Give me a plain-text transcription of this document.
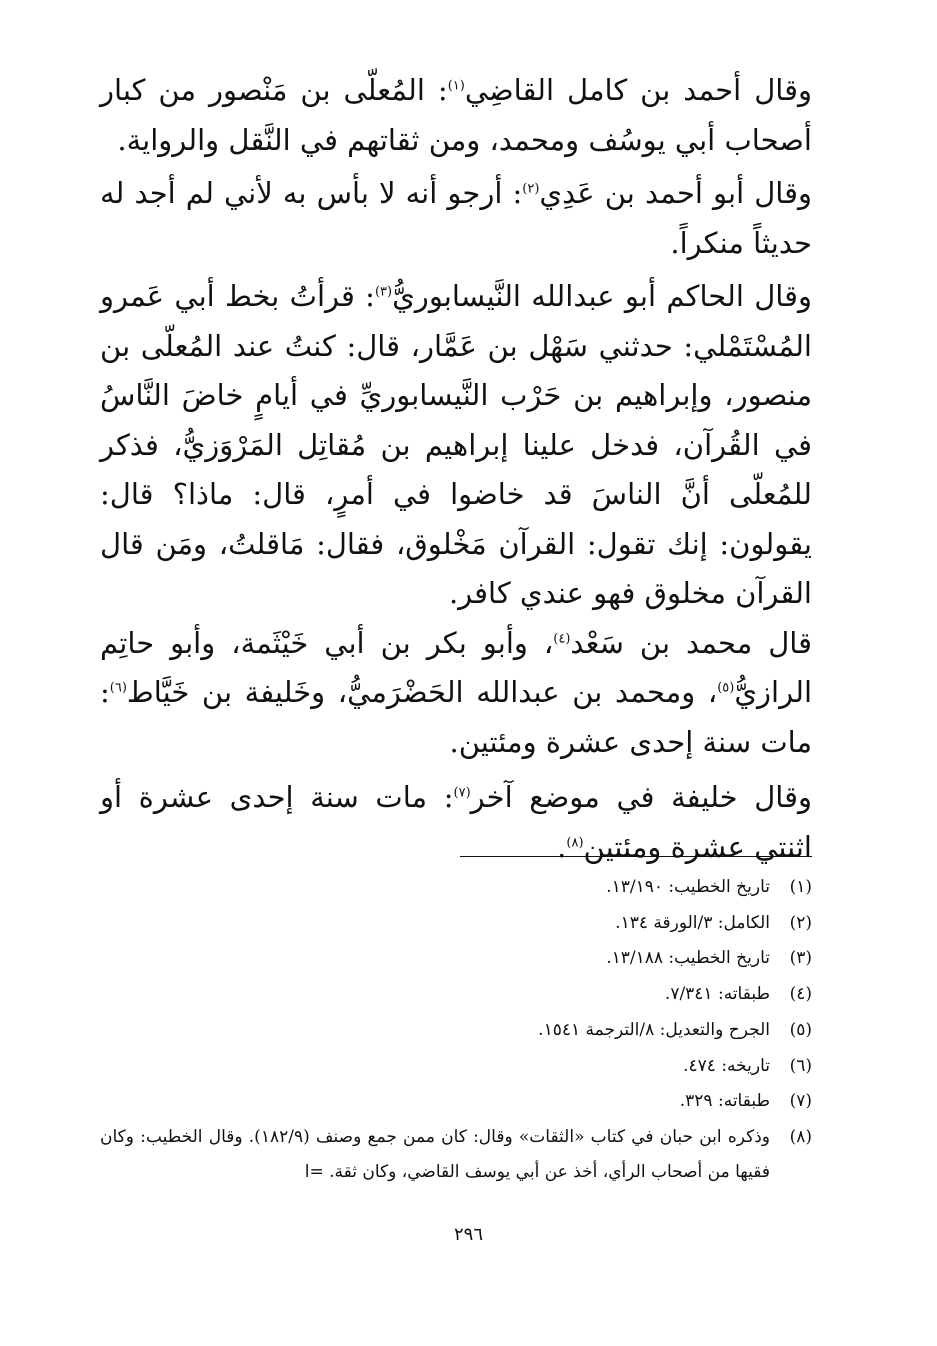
وقال أحمد بن كامل القاضِي$^{(١)}$: المُعلّى بن مَنْصور من كبار أصحاب أبي يوسُف ومحمد، ومن ثقاتهم في النَّقل والرواية.

وقال أبو أحمد بن عَدِي$^{(٢)}$: أرجو أنه لا بأس به لأني لم أجد له حديثاً منكراً.

وقال الحاكم أبو عبدالله النَّيسابوريُّ$^{(٣)}$: قرأتُ بخط أبي عَمرو المُسْتَمْلي: حدثني سَهْل بن عَمَّار، قال: كنتُ عند المُعلّى بن منصور، وإبراهيم بن حَرْب النَّيسابوريِّ في أيامٍ خاضَ النَّاسُ في القُرآن، فدخل علينا إبراهيم بن مُقاتِل المَرْوَزيُّ، فذكر للمُعلّى أنَّ الناسَ قد خاضوا في أمرٍ، قال: ماذا؟ قال: يقولون: إنك تقول: القرآن مَخْلوق، فقال: مَاقلتُ، ومَن قال القرآن مخلوق فهو عندي كافر.

قال محمد بن سَعْد$^{(٤)}$، وأبو بكر بن أبي خَيْثَمة، وأبو حاتِم الرازيُّ$^{(٥)}$، ومحمد بن عبدالله الحَضْرَميُّ، وخَليفة بن خَيَّاط$^{(٦)}$: مات سنة إحدى عشرة ومئتين.

وقال خليفة في موضع آخر$^{(٧)}$: مات سنة إحدى عشرة أو اثنتي عشرة ومئتين$^{(٨)}$.

(١)
تاريخ الخطيب: ١٣/١٩٠.
(٢)
الكامل: ٣/الورقة ١٣٤.
(٣)
تاريخ الخطيب: ١٣/١٨٨.
(٤)
طبقاته: ٧/٣٤١.
(٥)
الجرح والتعديل: ٨/الترجمة ١٥٤١.
(٦)
تاريخه: ٤٧٤.
(٧)
طبقاته: ٣٢٩.
(٨)
وذكره ابن حبان في كتاب «الثقات» وقال: كان ممن جمع وصنف (١٨٢/٩). وقال الخطيب: وكان فقيها من أصحاب الرأي، أخذ عن أبي يوسف القاضي، وكان ثقة. =ا
٢٩٦
